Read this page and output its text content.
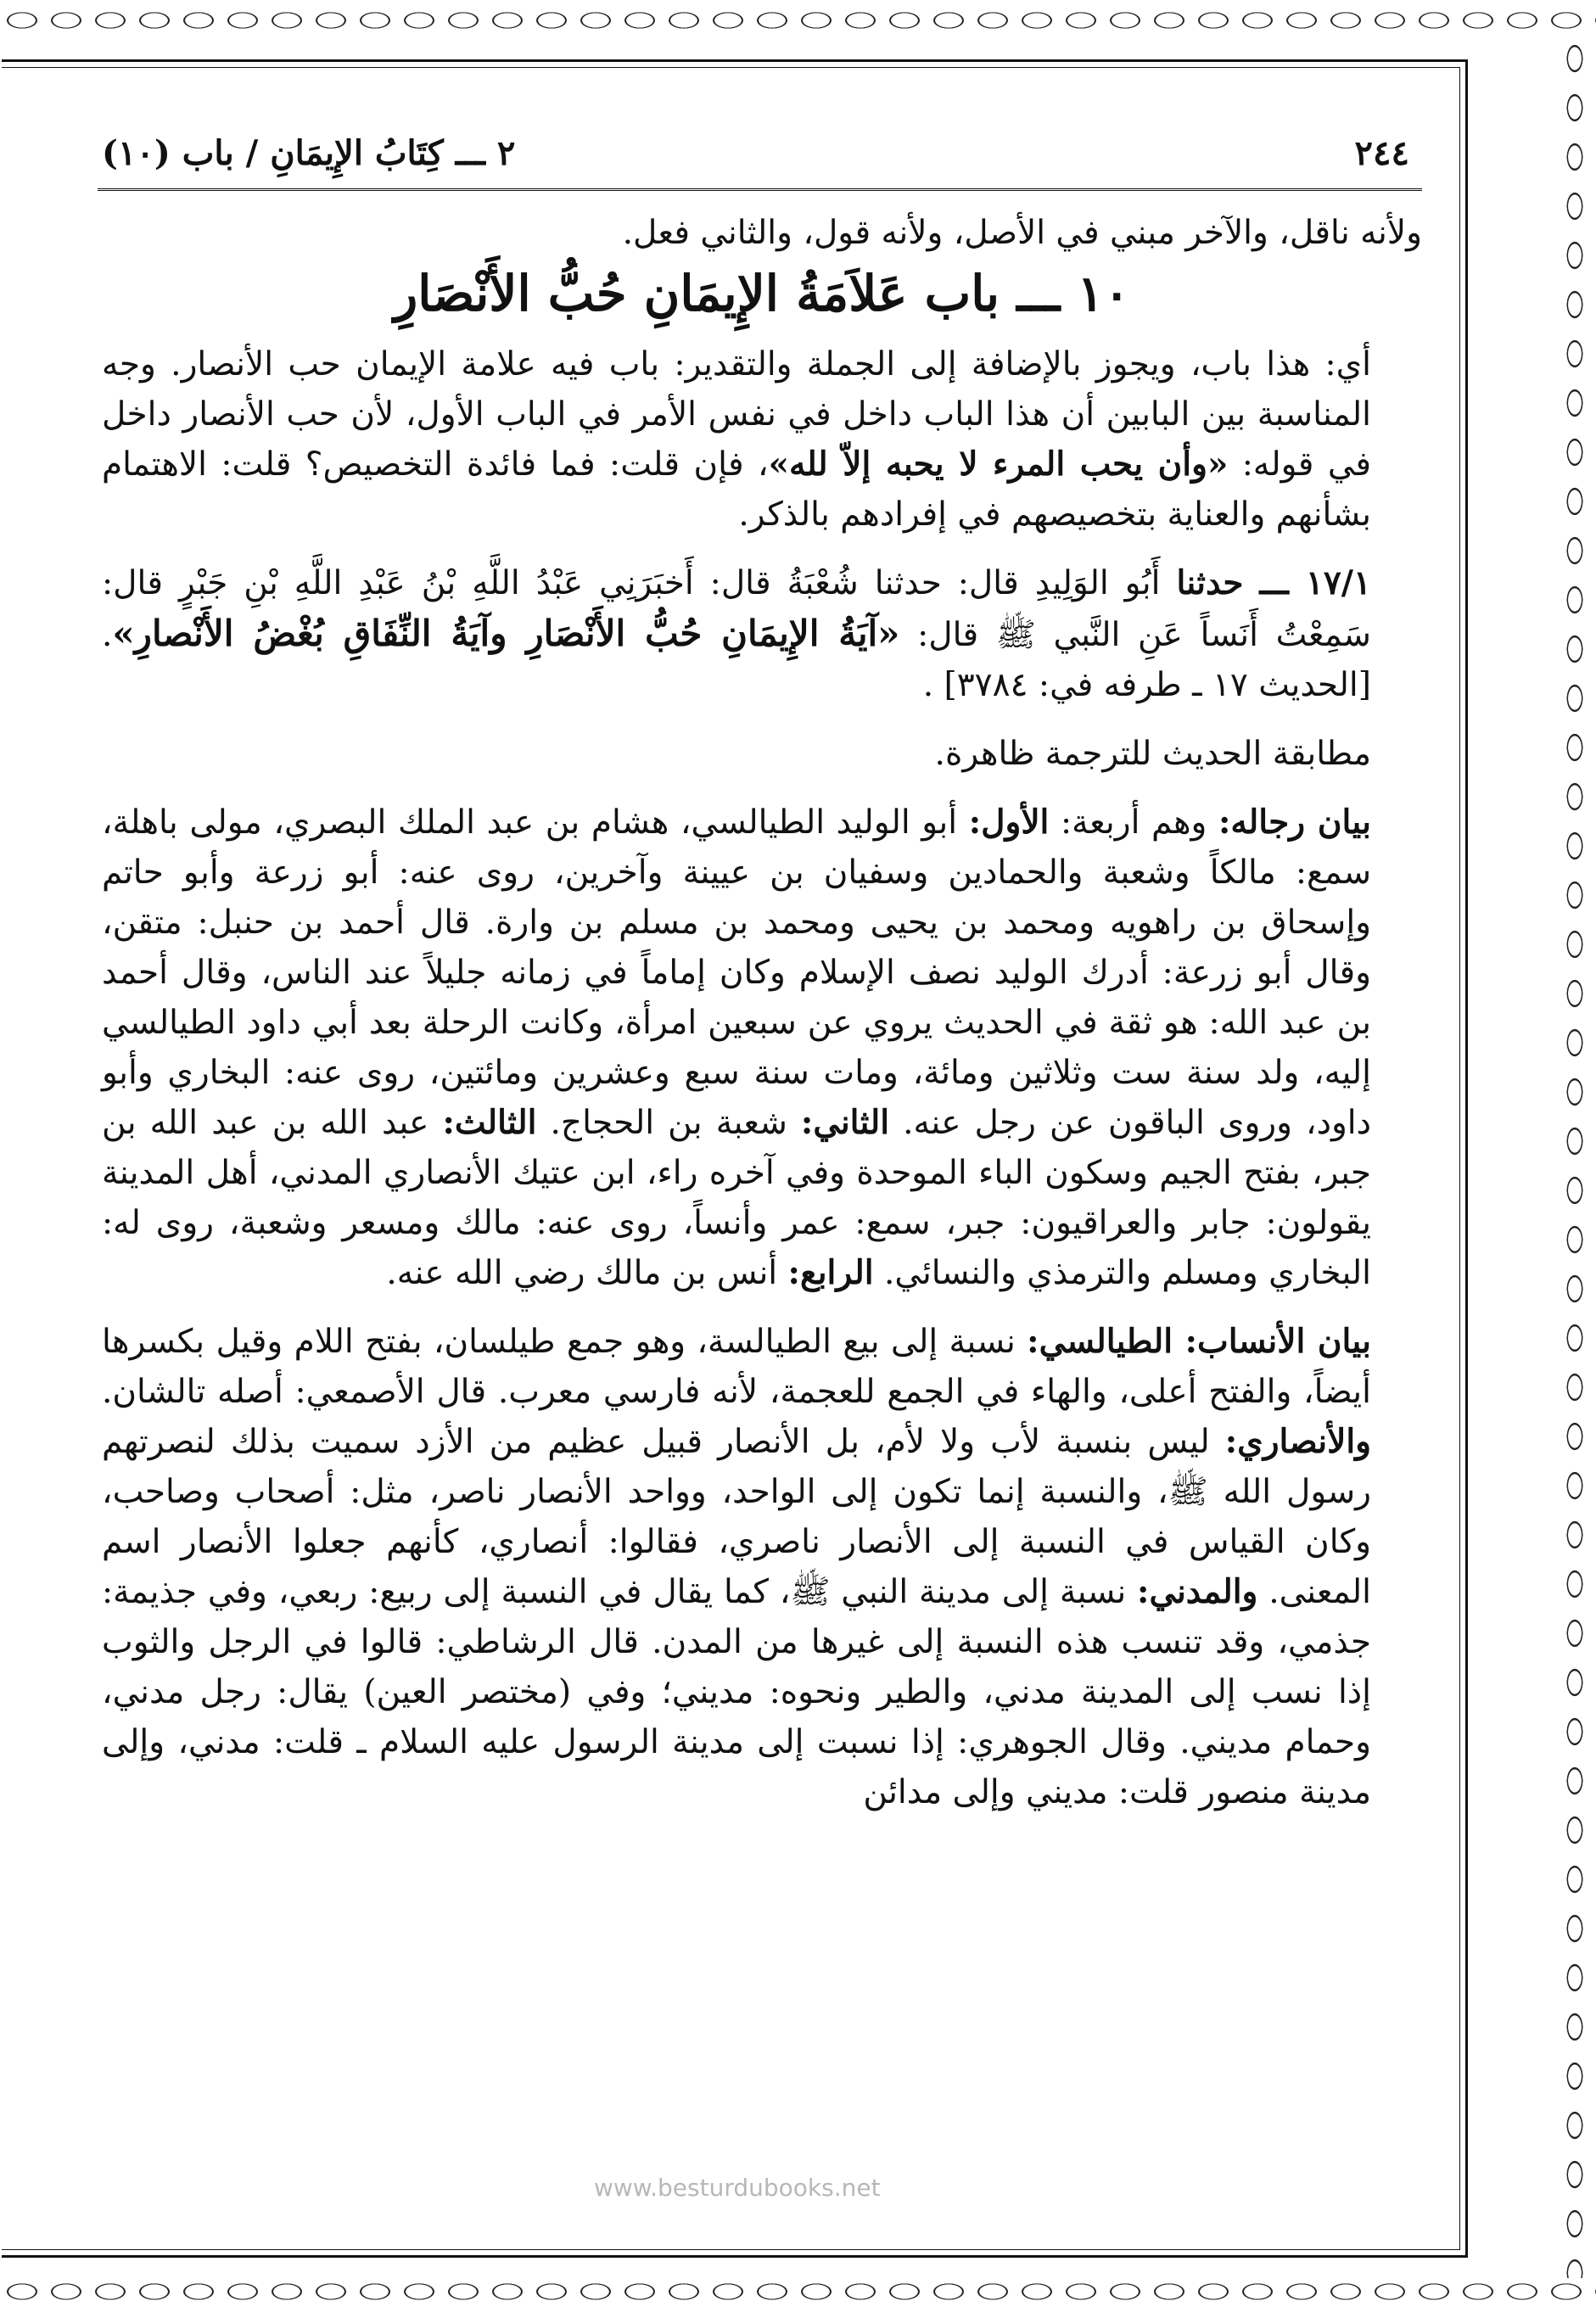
٢٤٤
٢ ـــ كِتَابُ الإِيمَانِ / باب (١٠)

ولأنه ناقل، والآخر مبني في الأصل، ولأنه قول، والثاني فعل.

١٠ ـــ باب عَلاَمَةُ الإِيمَانِ حُبُّ الأَنْصَارِ

أي: هذا باب، ويجوز بالإضافة إلى الجملة والتقدير: باب فيه علامة الإيمان حب الأنصار. وجه المناسبة بين البابين أن هذا الباب داخل في نفس الأمر في الباب الأول، لأن حب الأنصار داخل في قوله: «وأن يحب المرء لا يحبه إلاّ لله»، فإن قلت: فما فائدة التخصيص؟ قلت: الاهتمام بشأنهم والعناية بتخصيصهم في إفرادهم بالذكر.

١٧/١ ـــ حدثنا أَبُو الوَلِيدِ قال: حدثنا شُعْبَةُ قال: أَخبَرَنِي عَبْدُ اللَّهِ بْنُ عَبْدِ اللَّهِ بْنِ جَبْرٍ قال: سَمِعْتُ أَنَساً عَنِ النَّبي ﷺ قال: «آيَةُ الإِيمَانِ حُبُّ الأَنْصَارِ وآيَةُ النِّفَاقِ بُغْضُ الأَنْصارِ». [الحديث ١٧ ـ طرفه في: ٣٧٨٤] .

مطابقة الحديث للترجمة ظاهرة.

بيان رجاله: وهم أربعة: الأول: أبو الوليد الطيالسي، هشام بن عبد الملك البصري، مولى باهلة، سمع: مالكاً وشعبة والحمادين وسفيان بن عيينة وآخرين، روى عنه: أبو زرعة وأبو حاتم وإسحاق بن راهويه ومحمد بن يحيى ومحمد بن مسلم بن وارة. قال أحمد بن حنبل: متقن، وقال أبو زرعة: أدرك الوليد نصف الإسلام وكان إماماً في زمانه جليلاً عند الناس، وقال أحمد بن عبد الله: هو ثقة في الحديث يروي عن سبعين امرأة، وكانت الرحلة بعد أبي داود الطيالسي إليه، ولد سنة ست وثلاثين ومائة، ومات سنة سبع وعشرين ومائتين، روى عنه: البخاري وأبو داود، وروى الباقون عن رجل عنه. الثاني: شعبة بن الحجاج. الثالث: عبد الله بن عبد الله بن جبر، بفتح الجيم وسكون الباء الموحدة وفي آخره راء، ابن عتيك الأنصاري المدني، أهل المدينة يقولون: جابر والعراقيون: جبر، سمع: عمر وأنساً، روى عنه: مالك ومسعر وشعبة، روى له: البخاري ومسلم والترمذي والنسائي. الرابع: أنس بن مالك رضي الله عنه.

بيان الأنساب: الطيالسي: نسبة إلى بيع الطيالسة، وهو جمع طيلسان، بفتح اللام وقيل بكسرها أيضاً، والفتح أعلى، والهاء في الجمع للعجمة، لأنه فارسي معرب. قال الأصمعي: أصله تالشان. والأنصاري: ليس بنسبة لأب ولا لأم، بل الأنصار قبيل عظيم من الأزد سميت بذلك لنصرتهم رسول الله ﷺ، والنسبة إنما تكون إلى الواحد، وواحد الأنصار ناصر، مثل: أصحاب وصاحب، وكان القياس في النسبة إلى الأنصار ناصري، فقالوا: أنصاري، كأنهم جعلوا الأنصار اسم المعنى. والمدني: نسبة إلى مدينة النبي ﷺ، كما يقال في النسبة إلى ربيع: ربعي، وفي جذيمة: جذمي، وقد تنسب هذه النسبة إلى غيرها من المدن. قال الرشاطي: قالوا في الرجل والثوب إذا نسب إلى المدينة مدني، والطير ونحوه: مديني؛ وفي (مختصر العين) يقال: رجل مدني، وحمام مديني. وقال الجوهري: إذا نسبت إلى مدينة الرسول عليه السلام ـ قلت: مدني، وإلى مدينة منصور قلت: مديني وإلى مدائن

www.besturdubooks.net
